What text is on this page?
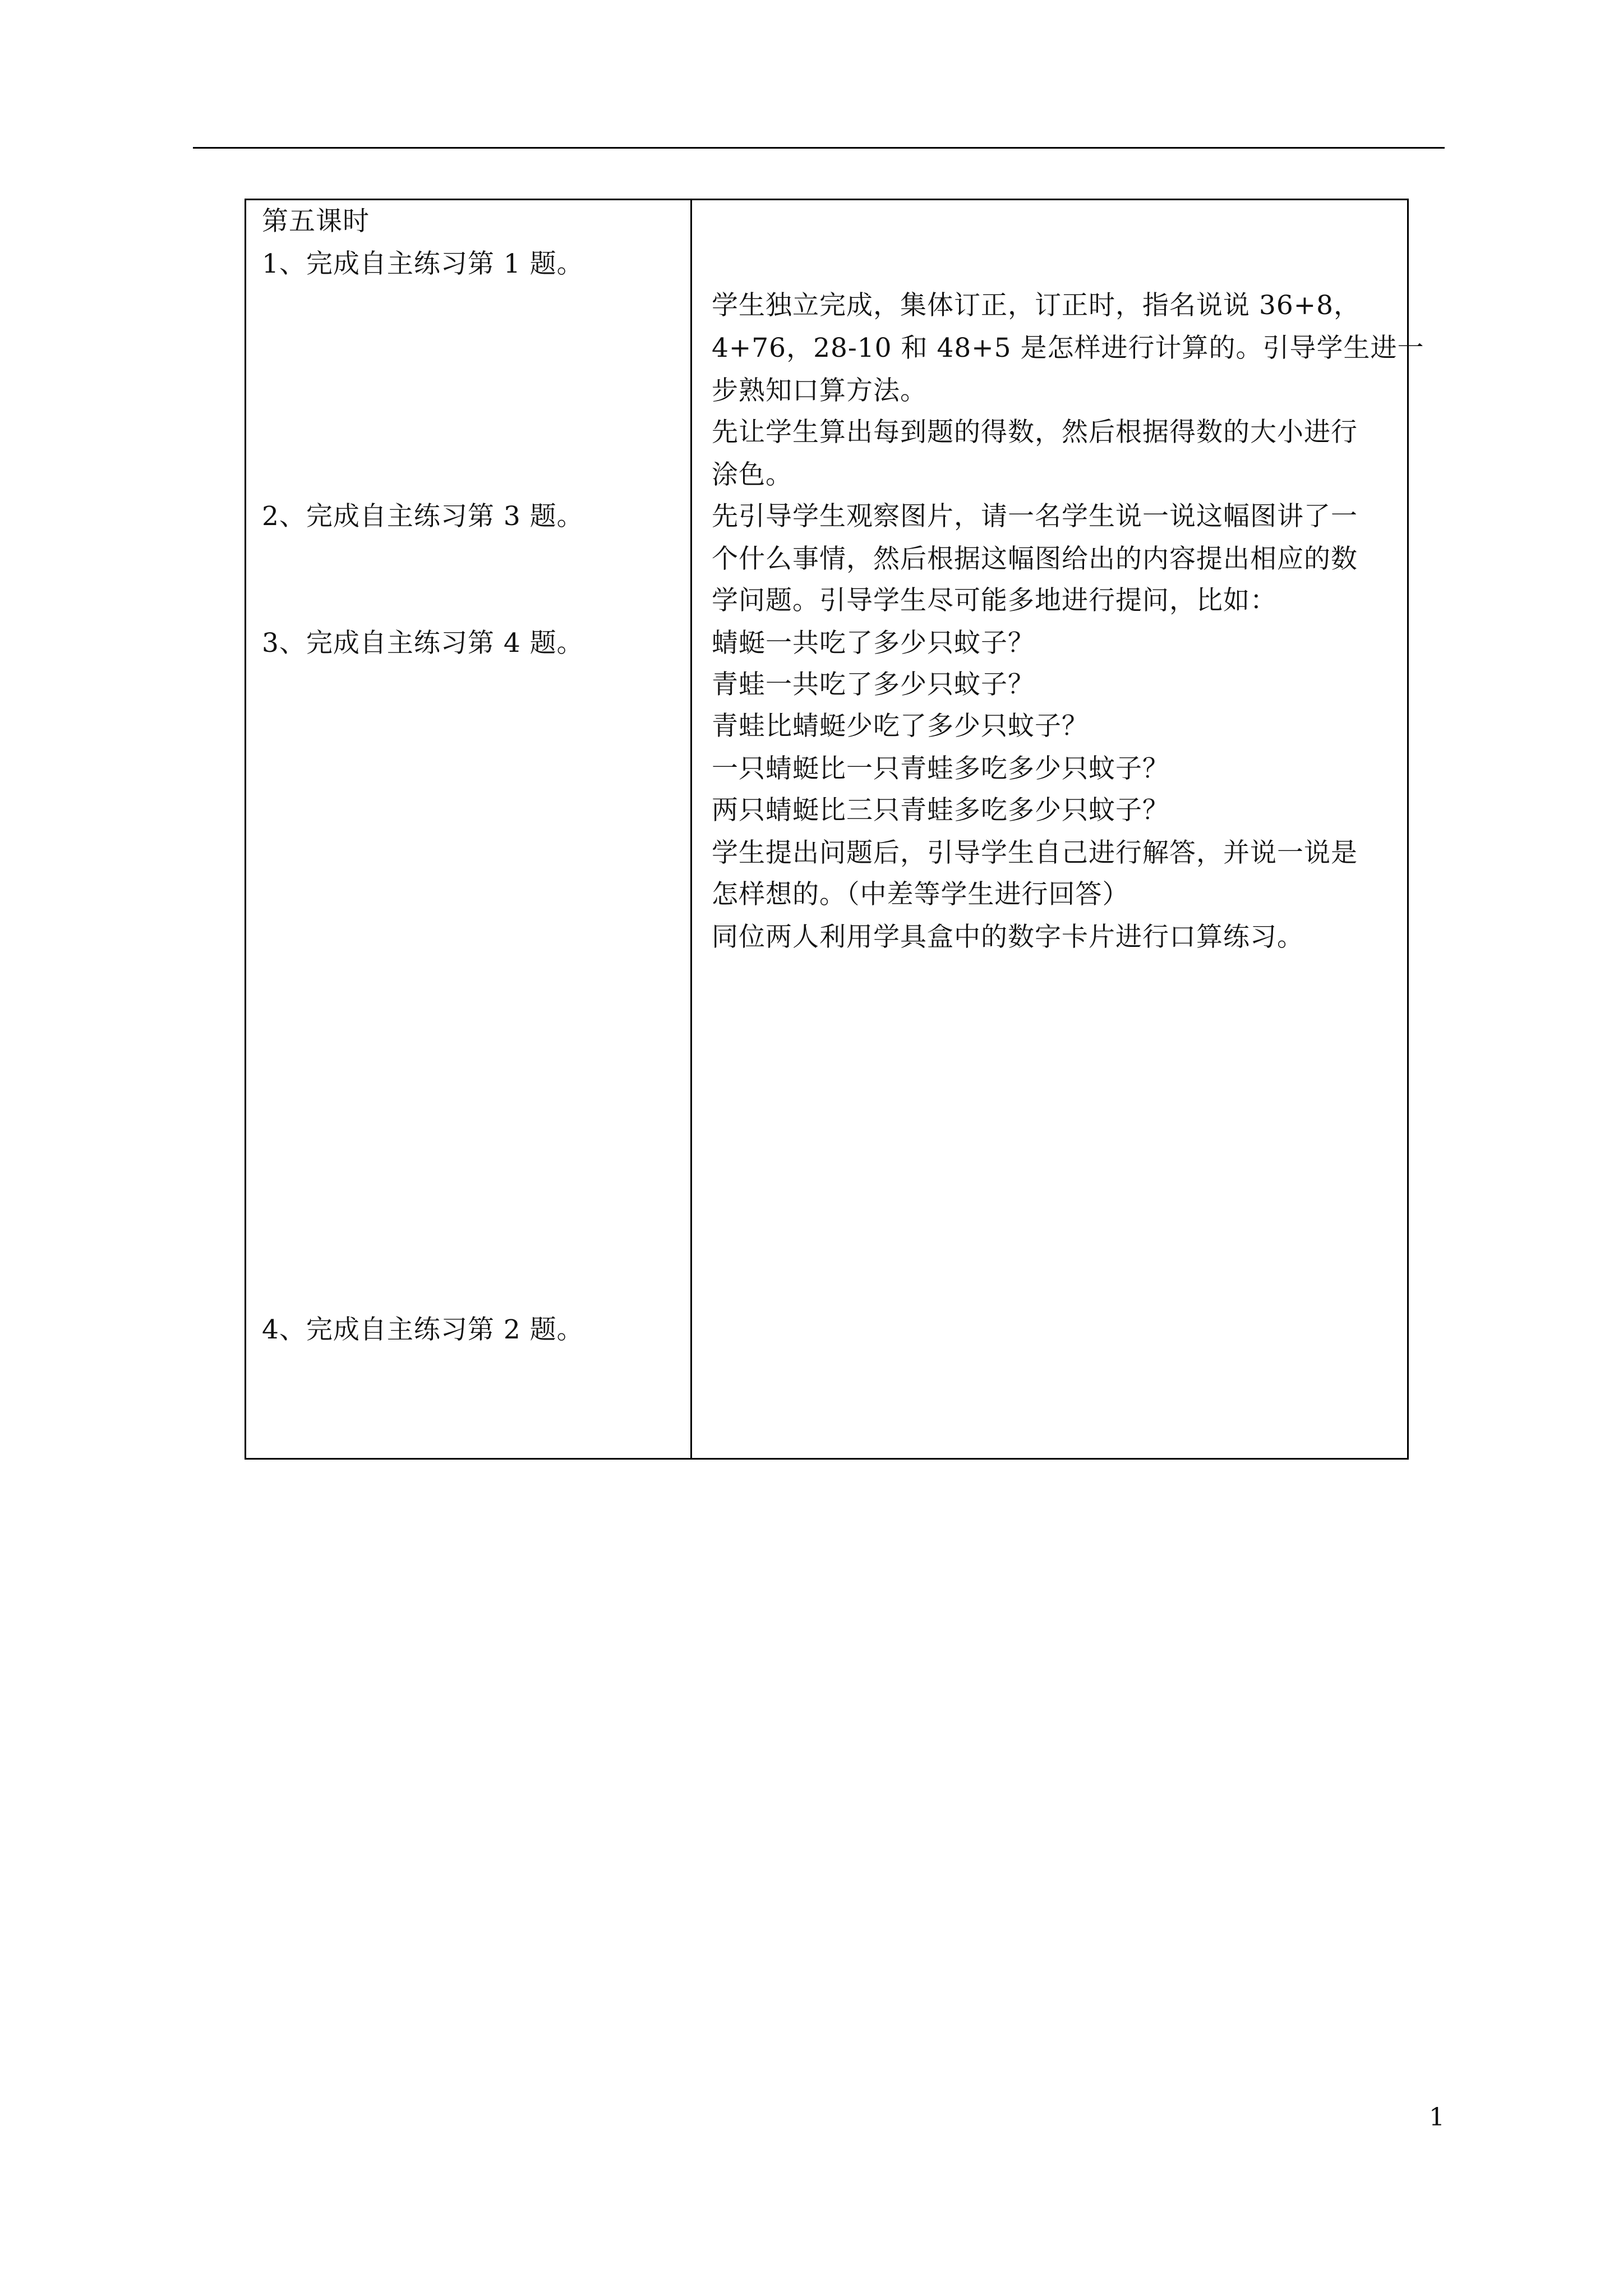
第五课时
1、完成自主练习第 1 题。
2、完成自主练习第 3 题。
3、完成自主练习第 4 题。
4、完成自主练习第 2 题。
学生独立完成，集体订正，订正时，指名说说 36+8，
4+76，28-10 和 48+5 是怎样进行计算的。引导学生进一
步熟知口算方法。
先让学生算出每到题的得数，然后根据得数的大小进行
涂色。
先引导学生观察图片，请一名学生说一说这幅图讲了一
个什么事情，然后根据这幅图给出的内容提出相应的数
学问题。引导学生尽可能多地进行提问，比如：
蜻蜓一共吃了多少只蚊子？
青蛙一共吃了多少只蚊子？
青蛙比蜻蜓少吃了多少只蚊子？
一只蜻蜓比一只青蛙多吃多少只蚊子？
两只蜻蜓比三只青蛙多吃多少只蚊子？
学生提出问题后，引导学生自己进行解答，并说一说是
怎样想的。（中差等学生进行回答）
同位两人利用学具盒中的数字卡片进行口算练习。
1
